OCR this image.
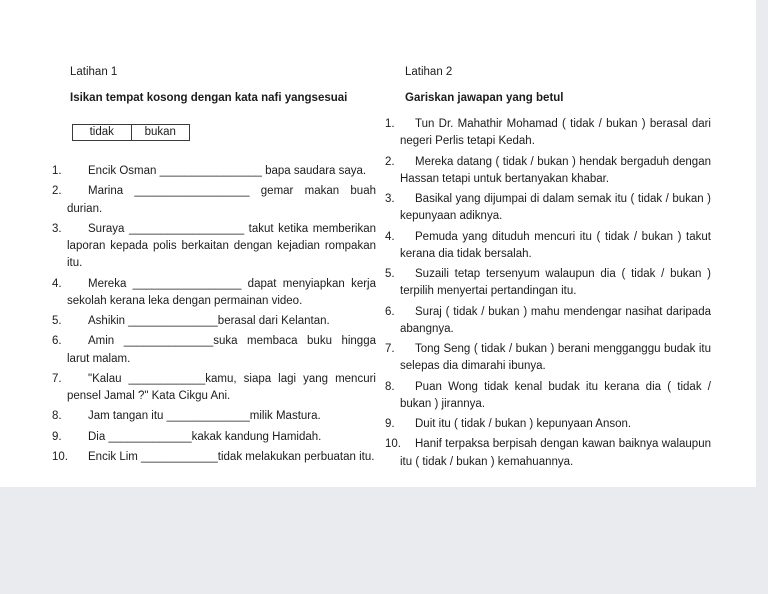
Latihan 1
Isikan tempat kosong dengan kata nafi yangsesuai
tidak	bukan
1. Encik Osman ________________ bapa saudara saya.
2. Marina __________________ gemar makan buah durian.
3. Suraya __________________ takut ketika memberikan laporan kepada polis berkaitan dengan kejadian rompakan itu.
4. Mereka _________________ dapat menyiapkan kerja sekolah kerana leka dengan permainan video.
5. Ashikin ______________berasal dari Kelantan.
6. Amin ______________suka membaca buku hingga larut malam.
7. "Kalau ____________kamu, siapa lagi yang mencuri pensel Jamal ?" Kata Cikgu Ani.
8. Jam tangan itu _____________milik Mastura.
9. Dia _____________kakak kandung Hamidah.
10. Encik Lim ____________tidak melakukan perbuatan itu.
Latihan 2
Gariskan jawapan yang betul
1. Tun Dr. Mahathir Mohamad ( tidak / bukan ) berasal dari negeri Perlis tetapi Kedah.
2. Mereka datang ( tidak / bukan ) hendak bergaduh dengan Hassan tetapi untuk bertanyakan khabar.
3. Basikal yang dijumpai di dalam semak itu ( tidak / bukan ) kepunyaan adiknya.
4. Pemuda yang dituduh mencuri itu ( tidak / bukan ) takut kerana dia tidak bersalah.
5. Suzaili tetap tersenyum walaupun dia ( tidak / bukan ) terpilih menyertai pertandingan itu.
6. Suraj ( tidak / bukan ) mahu mendengar nasihat daripada abangnya.
7. Tong Seng ( tidak / bukan ) berani mengganggu budak itu selepas dia dimarahi ibunya.
8. Puan Wong tidak kenal budak itu kerana dia ( tidak / bukan ) jirannya.
9. Duit itu ( tidak / bukan ) kepunyaan Anson.
10. Hanif terpaksa berpisah dengan kawan baiknya walaupun itu ( tidak / bukan ) kemahuannya.
